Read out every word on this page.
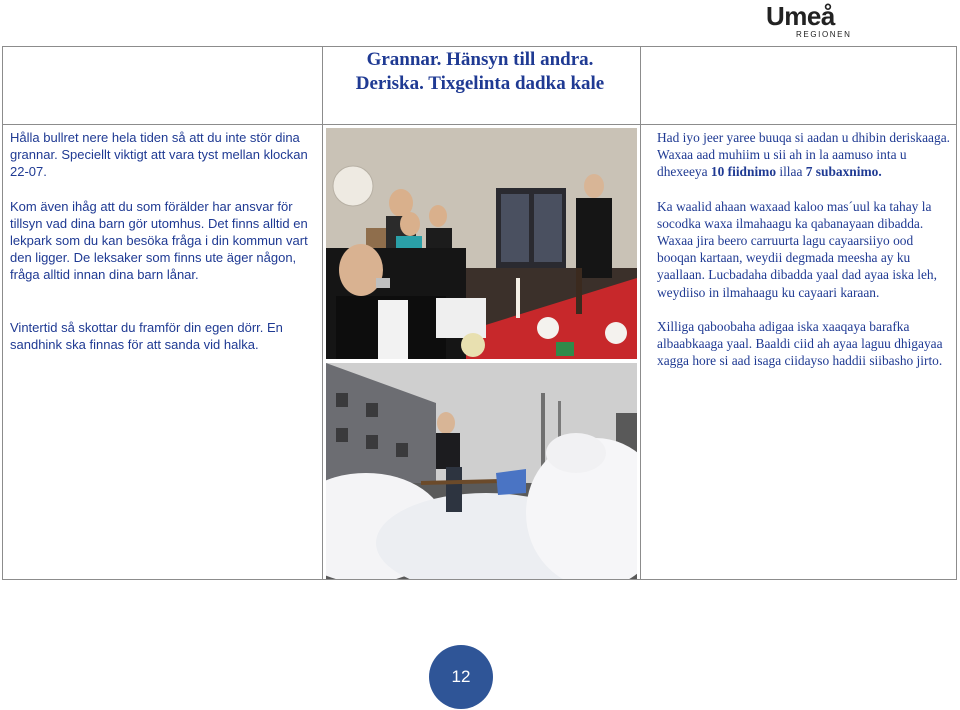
Umeå
REGIONEN
Grannar. Hänsyn till andra.
Deriska. Tixgelinta dadka kale

Hålla bullret nere hela tiden så att du inte stör dina grannar. Speciellt viktigt att vara tyst mellan klockan 22-07.

Kom även ihåg att du som förälder har ansvar för tillsyn vad dina barn gör utomhus. Det finns alltid en lekpark som du kan besöka fråga i din kommun vart den ligger. De leksaker som finns ute äger någon, fråga alltid innan dina barn lånar.

Vintertid så skottar du framför din egen dörr. En sandhink ska finnas för att sanda vid halka.

Had iyo jeer yaree buuqa si aadan u dhibin deriskaaga. Waxaa aad muhiim u sii ah in la aamuso inta u dhexeeya 10 fiidnimo illaa 7 subaxnimo.

Ka waalid ahaan waxaad kaloo mas´uul ka tahay la socodka waxa ilmahaagu ka qabanayaan dibadda. Waxaa jira beero carruurta lagu cayaarsiiyo ood booqan kartaan, weydii degmada meesha ay ku yaallaan. Lucbadaha dibadda yaal dad ayaa iska leh, weydiiso in ilmahaagu ku cayaari karaan.

Xilliga qaboobaha adigaa iska xaaqaya barafka albaabkaaga yaal. Baaldi ciid ah ayaa laguu dhigayaa xagga hore si aad isaga ciidayso haddii siibasho jirto.

12
